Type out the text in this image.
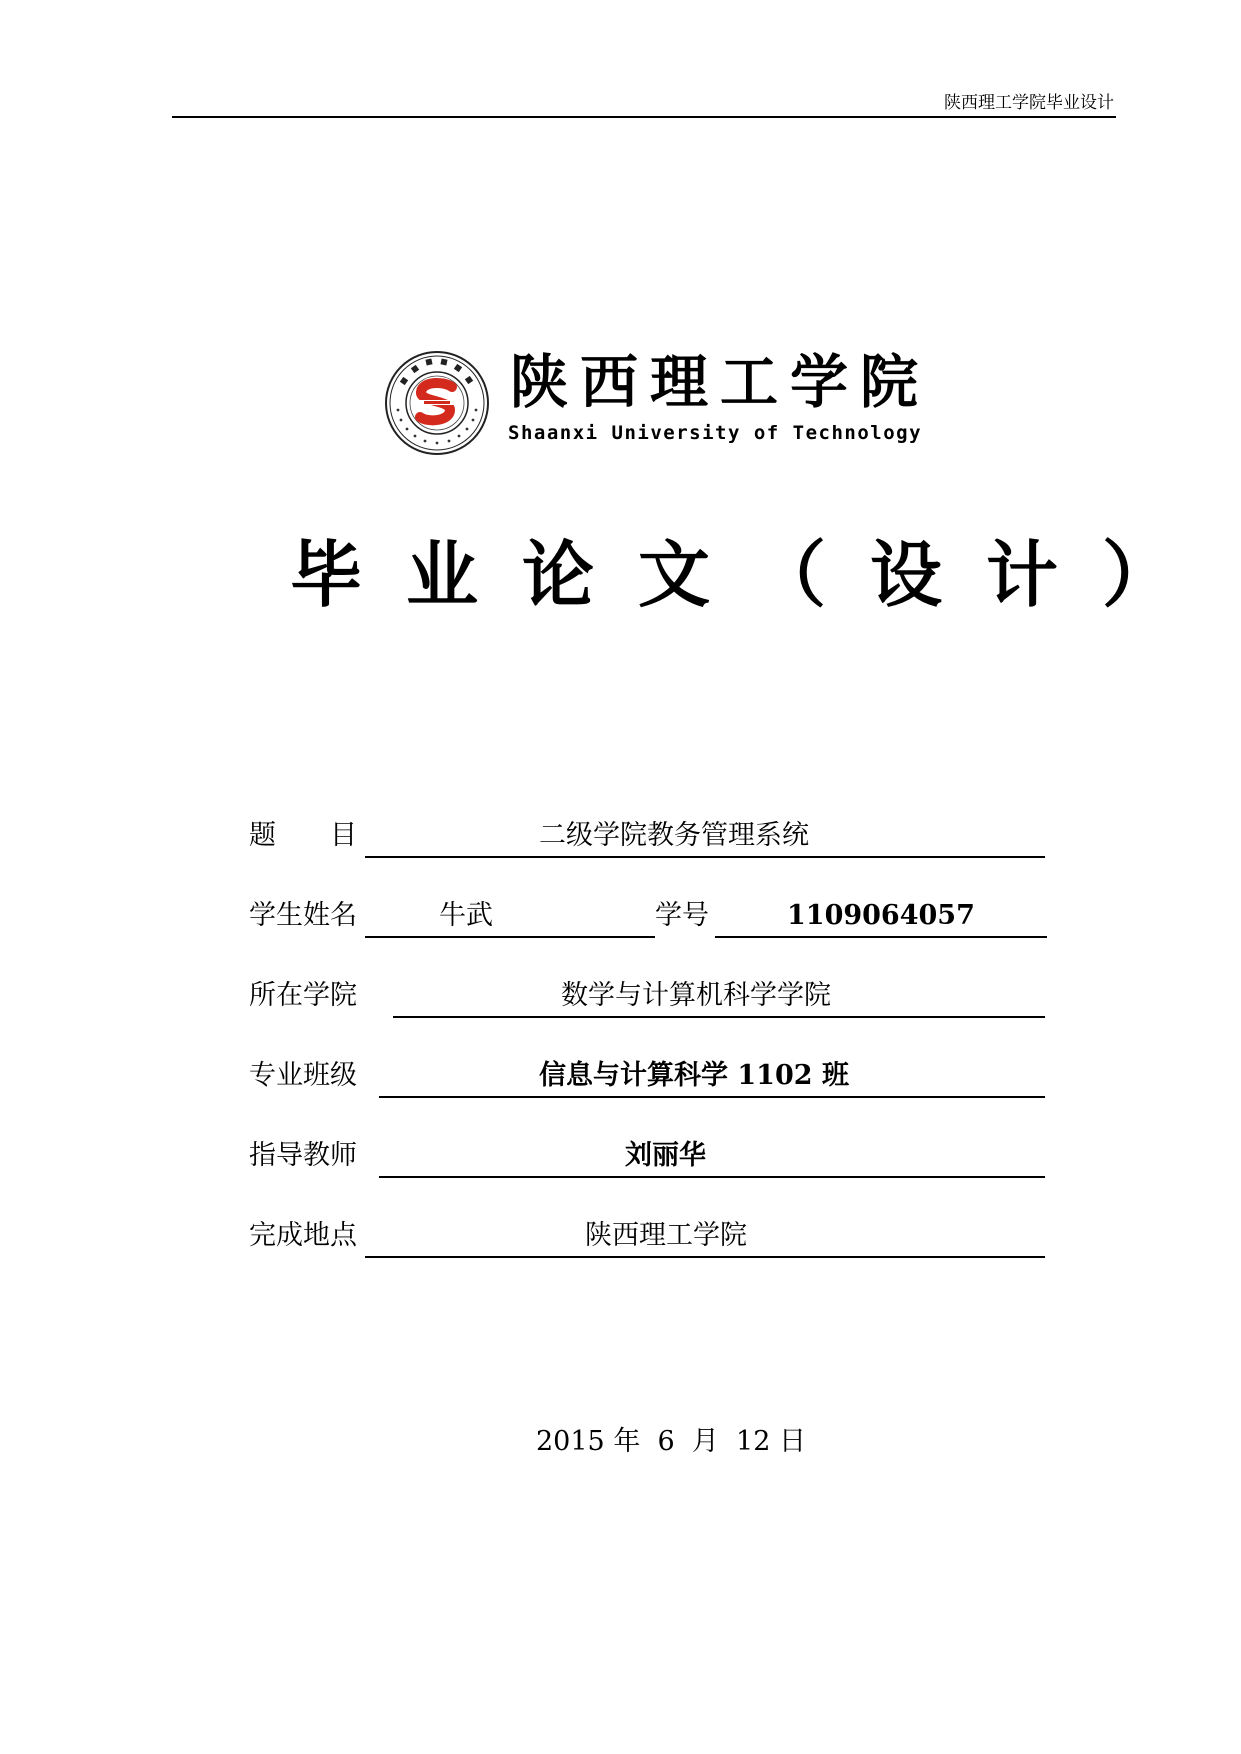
陕西理工学院毕业设计
陕西理工学院
Shaanxi University of Technology
毕业论文（设计）
题　　目	二级学院教务管理系统
学生姓名	牛武	学号	1109064057
所在学院	数学与计算机科学学院
专业班级	信息与计算科学 1102 班
指导教师	刘丽华
完成地点	陕西理工学院
2015 年 6 月 12 日
